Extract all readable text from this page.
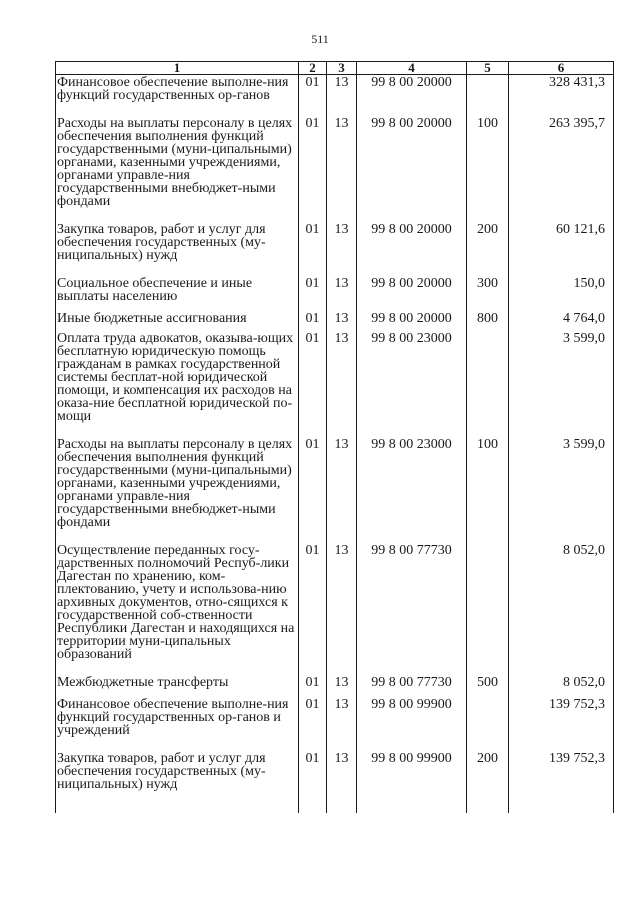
511
1	2	3	4	5	6
Финансовое обеспечение выполне-ния функций государственных ор-ганов	01	13	99 8 00 20000		328 431,3

Расходы на выплаты персоналу в целях обеспечения выполнения функций государственными (муни-ципальными) органами, казенными учреждениями, органами управле-ния государственными внебюджет-ными фондами	01	13	99 8 00 20000	100	263 395,7

Закупка товаров, работ и услуг для обеспечения государственных (му-ниципальных) нужд	01	13	99 8 00 20000	200	60 121,6

Социальное обеспечение и иные выплаты населению	01	13	99 8 00 20000	300	150,0

Иные бюджетные ассигнования	01	13	99 8 00 20000	800	4 764,0

Оплата труда адвокатов, оказыва-ющих бесплатную юридическую помощь гражданам в рамках государственной системы бесплат-ной юридической помощи, и компенсация их расходов на оказа-ние бесплатной юридической по-мощи	01	13	99 8 00 23000		3 599,0

Расходы на выплаты персоналу в целях обеспечения выполнения функций государственными (муни-ципальными) органами, казенными учреждениями, органами управле-ния государственными внебюджет-ными фондами	01	13	99 8 00 23000	100	3 599,0

Осуществление переданных госу-дарственных полномочий Респуб-лики Дагестан по хранению, ком-плектованию, учету и использова-нию архивных документов, отно-сящихся к государственной соб-ственности Республики Дагестан и находящихся на территории муни-ципальных образований	01	13	99 8 00 77730		8 052,0

Межбюджетные трансферты	01	13	99 8 00 77730	500	8 052,0

Финансовое обеспечение выполне-ния функций государственных ор-ганов и учреждений	01	13	99 8 00 99900		139 752,3

Закупка товаров, работ и услуг для обеспечения государственных (му-ниципальных) нужд	01	13	99 8 00 99900	200	139 752,3
